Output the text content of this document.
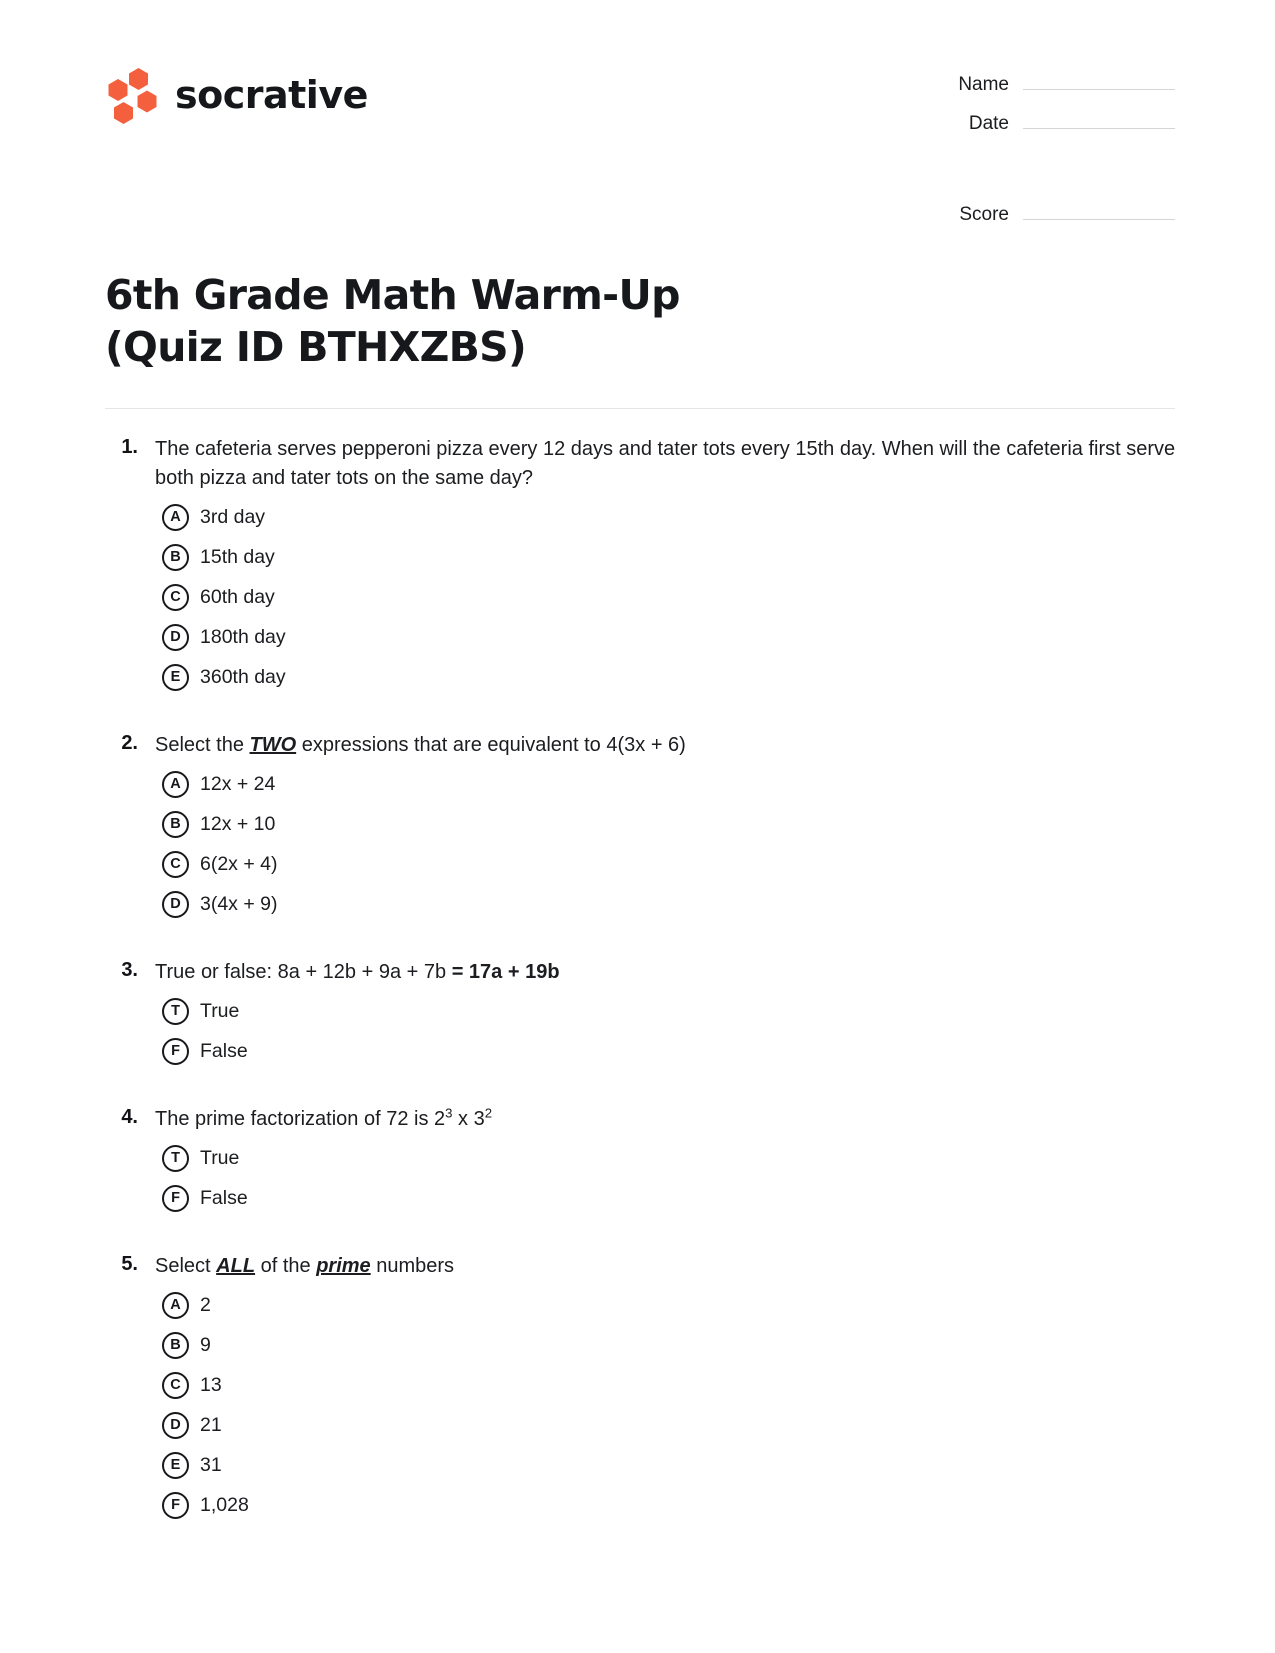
socrative	Name
Date
Score
6th Grade Math Warm-Up (Quiz ID BTHXZBS)
1. The cafeteria serves pepperoni pizza every 12 days and tater tots every 15th day. When will the cafeteria first serve both pizza and tater tots on the same day?
A 3rd day
B 15th day
C 60th day
D 180th day
E	360th day
2. Select the TWO expressions that are equivalent to 4(3x + 6)
A 12x + 24
B 12x + 10
C 6(2x + 4)
D 3(4x + 9)
3. True or false: 8a + 12b + 9a + 7b = 17a + 19b
T	True
F	False
4. The prime factorization of 72 is $2^3$ x $3^2$
T	True
F	False
5. Select ALL of the prime numbers
A 2
B 9
C 13
D 21
E	31
F	1,028
